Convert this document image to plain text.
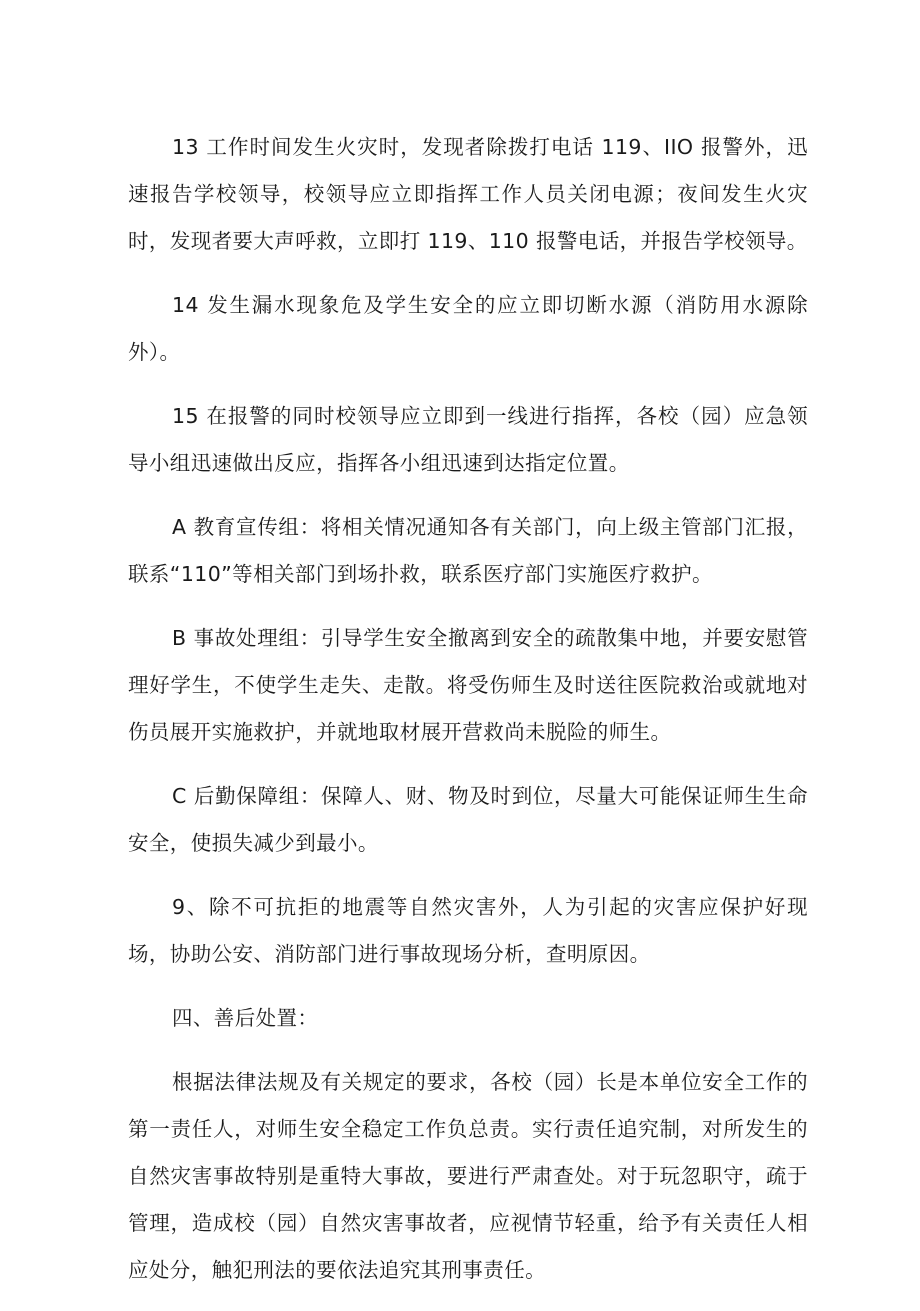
13 工作时间发生火灾时，发现者除拨打电话 119、IIO 报警外，迅速报告学校领导，校领导应立即指挥工作人员关闭电源；夜间发生火灾时，发现者要大声呼救，立即打 119、110 报警电话，并报告学校领导。

14 发生漏水现象危及学生安全的应立即切断水源（消防用水源除外）。

15 在报警的同时校领导应立即到一线进行指挥，各校（园）应急领导小组迅速做出反应，指挥各小组迅速到达指定位置。

A 教育宣传组：将相关情况通知各有关部门，向上级主管部门汇报，联系“110”等相关部门到场扑救，联系医疗部门实施医疗救护。

B 事故处理组：引导学生安全撤离到安全的疏散集中地，并要安慰管理好学生，不使学生走失、走散。将受伤师生及时送往医院救治或就地对伤员展开实施救护，并就地取材展开营救尚未脱险的师生。

C 后勤保障组：保障人、财、物及时到位，尽量大可能保证师生生命安全，使损失减少到最小。

9、除不可抗拒的地震等自然灾害外，人为引起的灾害应保护好现场，协助公安、消防部门进行事故现场分析，查明原因。

四、善后处置：

根据法律法规及有关规定的要求，各校（园）长是本单位安全工作的第一责任人，对师生安全稳定工作负总责。实行责任追究制，对所发生的自然灾害事故特别是重特大事故，要进行严肃查处。对于玩忽职守，疏于管理，造成校（园）自然灾害事故者，应视情节轻重，给予有关责任人相应处分，触犯刑法的要依法追究其刑事责任。
